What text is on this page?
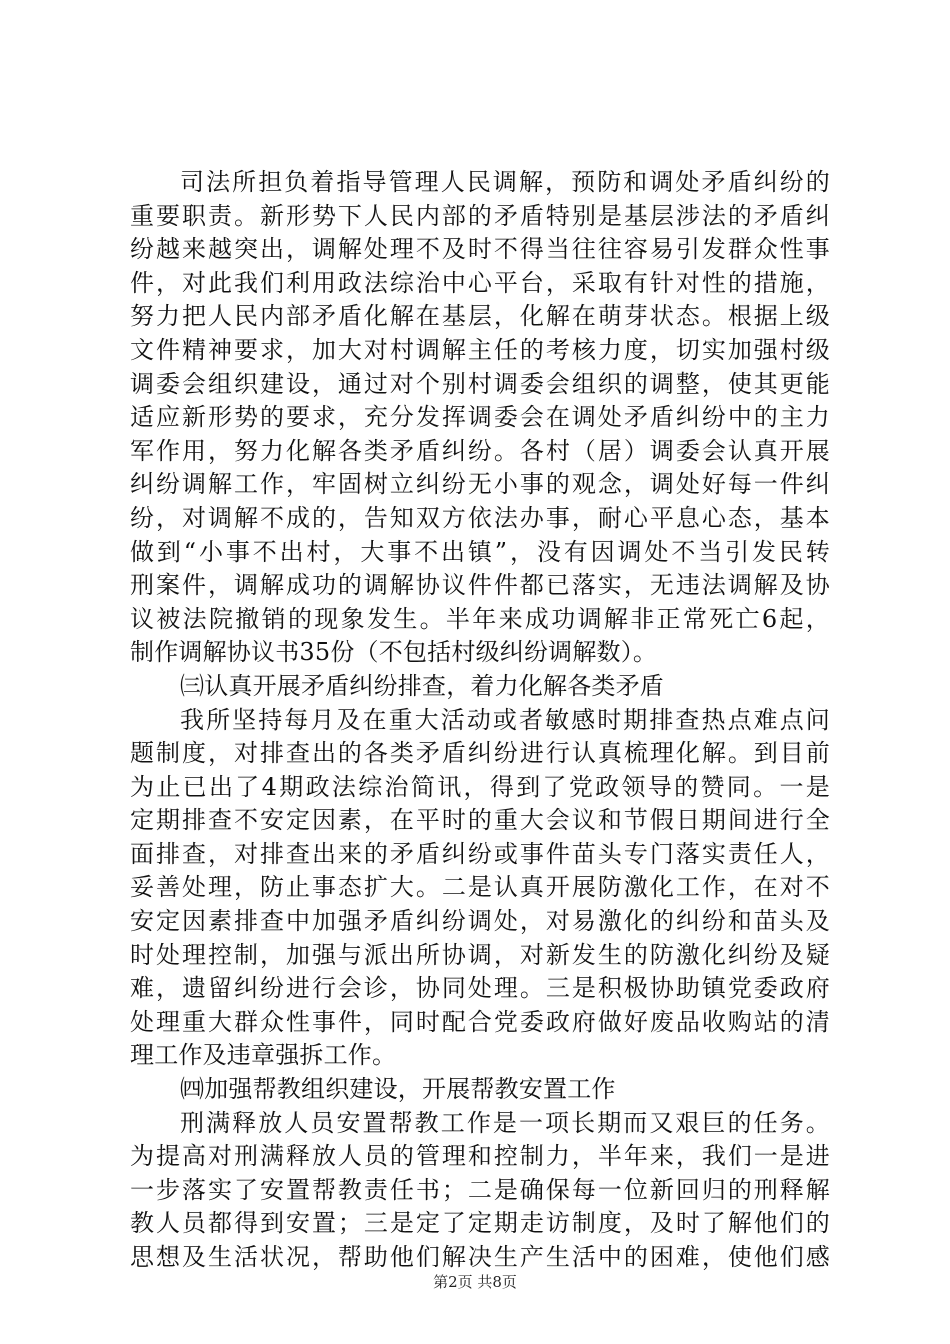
司法所担负着指导管理人民调解，预防和调处矛盾纠纷的
重要职责。新形势下人民内部的矛盾特别是基层涉法的矛盾纠
纷越来越突出，调解处理不及时不得当往往容易引发群众性事
件，对此我们利用政法综治中心平台，采取有针对性的措施，
努力把人民内部矛盾化解在基层，化解在萌芽状态。根据上级
文件精神要求，加大对村调解主任的考核力度，切实加强村级
调委会组织建设，通过对个别村调委会组织的调整，使其更能
适应新形势的要求，充分发挥调委会在调处矛盾纠纷中的主力
军作用，努力化解各类矛盾纠纷。各村（居）调委会认真开展
纠纷调解工作，牢固树立纠纷无小事的观念，调处好每一件纠
纷，对调解不成的，告知双方依法办事，耐心平息心态，基本
做到“小事不出村，大事不出镇”，没有因调处不当引发民转
刑案件，调解成功的调解协议件件都已落实，无违法调解及协
议被法院撤销的现象发生。半年来成功调解非正常死亡6起，
制作调解协议书35份（不包括村级纠纷调解数）。
㈢认真开展矛盾纠纷排查，着力化解各类矛盾
我所坚持每月及在重大活动或者敏感时期排查热点难点问
题制度，对排查出的各类矛盾纠纷进行认真梳理化解。到目前
为止已出了4期政法综治简讯，得到了党政领导的赞同。一是
定期排查不安定因素，在平时的重大会议和节假日期间进行全
面排查，对排查出来的矛盾纠纷或事件苗头专门落实责任人，
妥善处理，防止事态扩大。二是认真开展防激化工作，在对不
安定因素排查中加强矛盾纠纷调处，对易激化的纠纷和苗头及
时处理控制，加强与派出所协调，对新发生的防激化纠纷及疑
难，遗留纠纷进行会诊，协同处理。三是积极协助镇党委政府
处理重大群众性事件，同时配合党委政府做好废品收购站的清
理工作及违章强拆工作。
㈣加强帮教组织建设，开展帮教安置工作
刑满释放人员安置帮教工作是一项长期而又艰巨的任务。
为提高对刑满释放人员的管理和控制力，半年来，我们一是进
一步落实了安置帮教责任书；二是确保每一位新回归的刑释解
教人员都得到安置；三是定了定期走访制度，及时了解他们的
思想及生活状况，帮助他们解决生产生活中的困难，使他们感
第2页 共8页
